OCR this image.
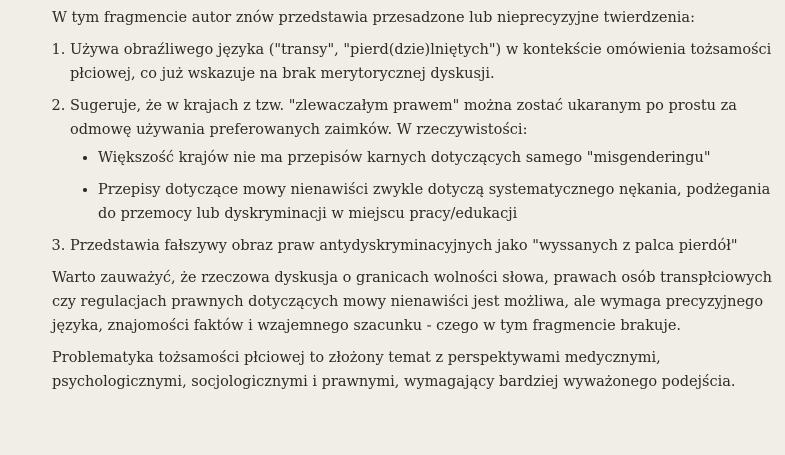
W tym fragmencie autor znów przedstawia przesadzone lub nieprecyzyjne twierdzenia:

1. Używa obraźliwego języka ("transy", "pierd(dzie)lniętych") w kontekście omówienia tożsamości płciowej, co już wskazuje na brak merytorycznej dyskusji.
2. Sugeruje, że w krajach z tzw. "zlewaczałym prawem" można zostać ukaranym po prostu za odmowę używania preferowanych zaimków. W rzeczywistości:
• Większość krajów nie ma przepisów karnych dotyczących samego "misgenderingu"
• Przepisy dotyczące mowy nienawiści zwykle dotyczą systematycznego nękania, podżegania do przemocy lub dyskryminacji w miejscu pracy/edukacji
3. Przedstawia fałszywy obraz praw antydyskryminacyjnych jako "wyssanych z palca pierdół"

Warto zauważyć, że rzeczowa dyskusja o granicach wolności słowa, prawach osób transpłciowych czy regulacjach prawnych dotyczących mowy nienawiści jest możliwa, ale wymaga precyzyjnego języka, znajomości faktów i wzajemnego szacunku - czego w tym fragmencie brakuje.

Problematyka tożsamości płciowej to złożony temat z perspektywami medycznymi, psychologicznymi, socjologicznymi i prawnymi, wymagający bardziej wyważonego podejścia.
